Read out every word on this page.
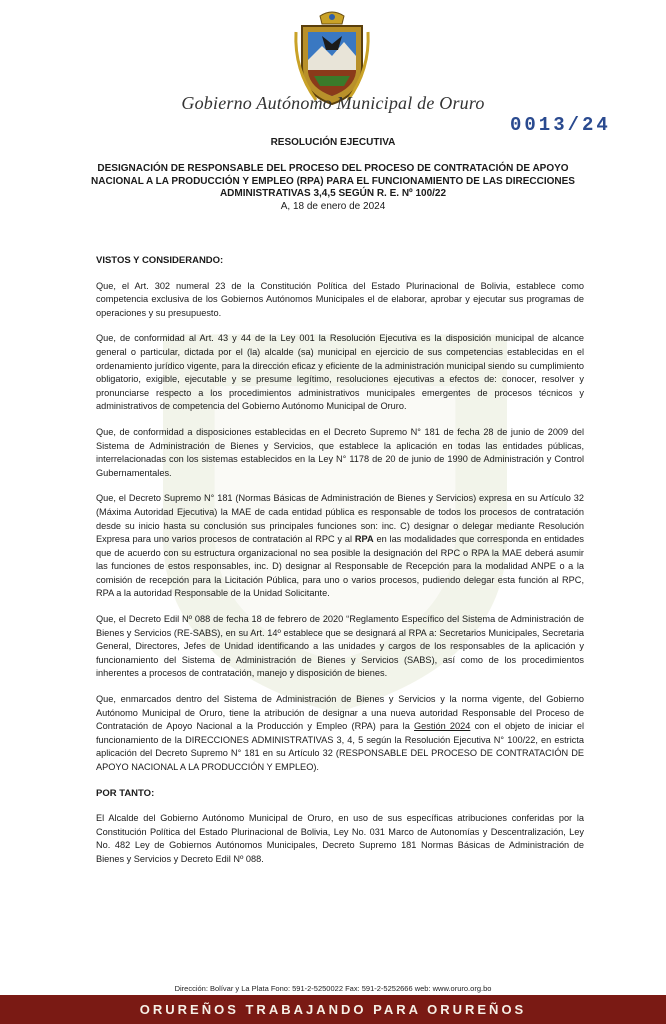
Gobierno Autónomo Municipal de Oruro
0013/24
RESOLUCIÓN EJECUTIVA
DESIGNACIÓN DE RESPONSABLE DEL PROCESO DEL PROCESO DE CONTRATACIÓN DE APOYO NACIONAL A LA PRODUCCIÓN Y EMPLEO (RPA) PARA EL FUNCIONAMIENTO DE LAS DIRECCIONES ADMINISTRATIVAS 3,4,5 SEGÚN R. E. Nº 100/22
A, 18 de enero de 2024

VISTOS Y CONSIDERANDO:

Que, el Art. 302 numeral 23 de la Constitución Política del Estado Plurinacional de Bolivia, establece como competencia exclusiva de los Gobiernos Autónomos Municipales el de elaborar, aprobar y ejecutar sus programas de operaciones y su presupuesto.

Que, de conformidad al Art. 43 y 44 de la Ley 001 la Resolución Ejecutiva es la disposición municipal de alcance general o particular, dictada por el (la) alcalde (sa) municipal en ejercicio de sus competencias establecidas en el ordenamiento jurídico vigente, para la dirección eficaz y eficiente de la administración municipal siendo su cumplimiento obligatorio, exigible, ejecutable y se presume legítimo, resoluciones ejecutivas a efectos de: conocer, resolver y pronunciarse respecto a los procedimientos administrativos municipales emergentes de procesos técnicos y administrativos de competencia del Gobierno Autónomo Municipal de Oruro.

Que, de conformidad a disposiciones establecidas en el Decreto Supremo N° 181 de fecha 28 de junio de 2009 del Sistema de Administración de Bienes y Servicios, que establece la aplicación en todas las entidades públicas, interrelacionadas con los sistemas establecidos en la Ley N° 1178 de 20 de junio de 1990 de Administración y Control Gubernamentales.

Que, el Decreto Supremo N° 181 (Normas Básicas de Administración de Bienes y Servicios) expresa en su Artículo 32 (Máxima Autoridad Ejecutiva) la MAE de cada entidad pública es responsable de todos los procesos de contratación desde su inicio hasta su conclusión sus principales funciones son: inc. C) designar o delegar mediante Resolución Expresa para uno varios procesos de contratación al RPC y al RPA en las modalidades que corresponda en entidades que de acuerdo con su estructura organizacional no sea posible la designación del RPC o RPA la MAE deberá asumir las funciones de estos responsables, inc. D) designar al Responsable de Recepción para la modalidad ANPE o a la comisión de recepción para la Licitación Pública, para uno o varios procesos, pudiendo delegar esta función al RPC, RPA a la autoridad Responsable de la Unidad Solicitante.

Que, el Decreto Edil Nº 088 de fecha 18 de febrero de 2020 “Reglamento Específico del Sistema de Administración de Bienes y Servicios (RE-SABS), en su Art. 14º establece que se designará al RPA a: Secretarios Municipales, Secretaria General, Directores, Jefes de Unidad identificando a las unidades y cargos de los responsables de la aplicación y funcionamiento del Sistema de Administración de Bienes y Servicios (SABS), así como de los procedimientos inherentes a procesos de contratación, manejo y disposición de bienes.

Que, enmarcados dentro del Sistema de Administración de Bienes y Servicios y la norma vigente, del Gobierno Autónomo Municipal de Oruro, tiene la atribución de designar a una nueva autoridad Responsable del Proceso de Contratación de Apoyo Nacional a la Producción y Empleo (RPA) para la Gestión 2024 con el objeto de iniciar el funcionamiento de la DIRECCIONES ADMINISTRATIVAS 3, 4, 5 según la Resolución Ejecutiva N° 100/22, en estricta aplicación del Decreto Supremo N° 181 en su Artículo 32 (RESPONSABLE DEL PROCESO DE CONTRATACIÓN DE APOYO NACIONAL A LA PRODUCCIÓN Y EMPLEO).

POR TANTO:

El Alcalde del Gobierno Autónomo Municipal de Oruro, en uso de sus específicas atribuciones conferidas por la Constitución Política del Estado Plurinacional de Bolivia, Ley No. 031 Marco de Autonomías y Descentralización, Ley No. 482 Ley de Gobiernos Autónomos Municipales, Decreto Supremo 181 Normas Básicas de Administración de Bienes y Servicios y Decreto Edil Nº 088.

Dirección: Bolívar y La Plata Fono: 591-2-5250022 Fax: 591-2-5252666 web: www.oruro.org.bo
ORUREÑOS TRABAJANDO PARA ORUREÑOS
